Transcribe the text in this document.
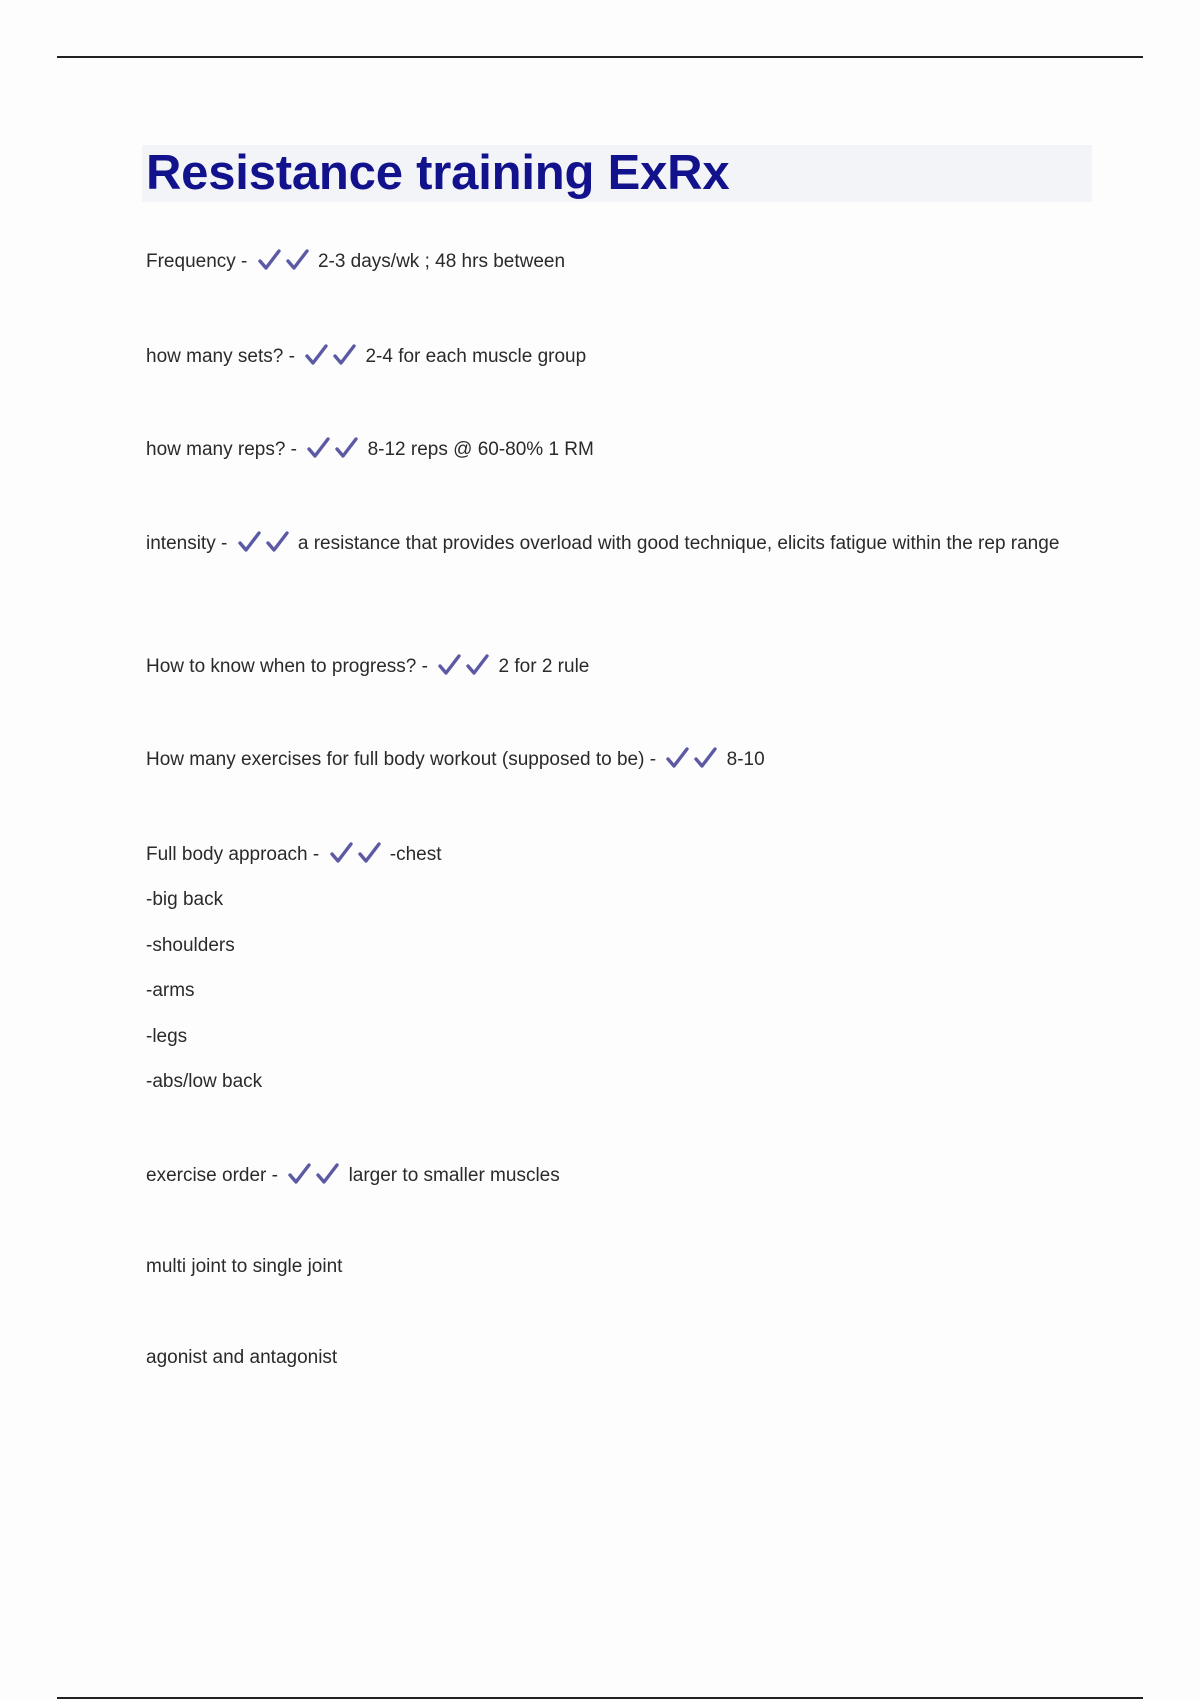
Resistance training ExRx
Frequency -	2-3 days/wk ; 48 hrs between
how many sets? -	2-4 for each muscle group
how many reps? -	8-12 reps @ 60-80% 1 RM
intensity -	a resistance that provides overload with good technique, elicits fatigue within the rep range
How to know when to progress? -	2 for 2 rule
How many exercises for full body workout (supposed to be) -	8-10
Full body approach -	-chest
-big back
-shoulders
-arms
-legs
-abs/low back
exercise order -	larger to smaller muscles
multi joint to single joint
agonist and antagonist
